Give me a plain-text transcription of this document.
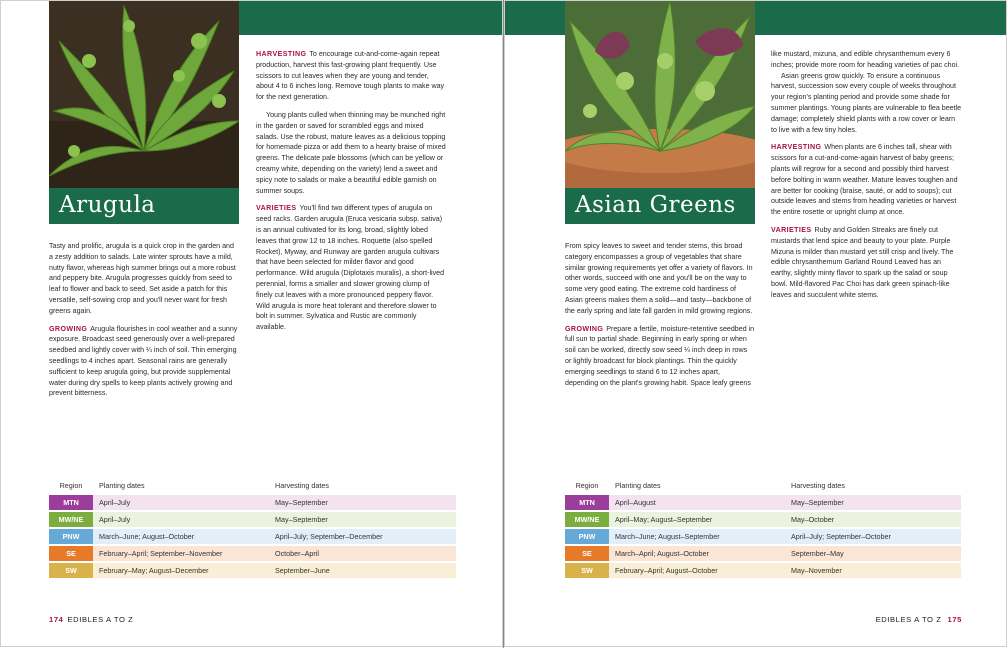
Arugula

Tasty and prolific, arugula is a quick crop in the garden and a zesty addition to salads. Late winter sprouts have a mild, nutty flavor, whereas high summer brings out a more robust and peppery bite. Arugula progresses quickly from seed to leaf to flower and back to seed. Set aside a patch for this versatile, self-sowing crop and you'll never want for fresh greens again.

GROWING Arugula flourishes in cool weather and a sunny exposure. Broadcast seed generously over a well-prepared seedbed and lightly cover with ¼ inch of soil. Thin emerging seedlings to 4 inches apart. Seasonal rains are generally sufficient to keep arugula going, but provide supplemental water during dry spells to keep plants actively growing and prevent bitterness.

HARVESTING To encourage cut-and-come-again repeat production, harvest this fast-growing plant frequently. Use scissors to cut leaves when they are young and tender, about 4 to 6 inches long. Remove tough plants to make way for the next generation.

Young plants culled when thinning may be munched right in the garden or saved for scrambled eggs and mixed salads. Use the robust, mature leaves as a delicious topping for homemade pizza or add them to a hearty braise of mixed greens. The delicate pale blossoms (which can be yellow or creamy white, depending on the variety) lend a sweet and spicy note to salads or make a beautiful edible garnish on summer soups.

VARIETIES You'll find two different types of arugula on seed racks. Garden arugula (Eruca vesicaria subsp. sativa) is an annual cultivated for its long, broad, slightly lobed leaves that grow 12 to 18 inches. Roquette (also spelled Rocket), Myway, and Runway are garden arugula cultivars that have been selected for milder flavor and good performance. Wild arugula (Diplotaxis muralis), a short-lived perennial, forms a smaller and slower growing clump of finely cut leaves with a more pronounced peppery flavor. Wild arugula is more heat tolerant and therefore slower to bolt in summer. Sylvatica and Rustic are commonly available.

Region	Planting dates	Harvesting dates
MTN	April–July	May–September
MW/NE	April–July	May–September
PNW	March–June; August–October	April–July; September–December
SE	February–April; September–November	October–April
SW	February–May; August–December	September–June
174 EDIBLES A TO Z
Asian Greens

From spicy leaves to sweet and tender stems, this broad category encompasses a group of vegetables that share similar growing requirements yet offer a variety of flavors. In other words, succeed with one and you'll be on the way to some very good eating. The extreme cold hardiness of Asian greens makes them a solid—and tasty—backbone of the early spring and late fall garden in mild growing regions.

GROWING Prepare a fertile, moisture-retentive seedbed in full sun to partial shade. Beginning in early spring or when soil can be worked, directly sow seed ¼ inch deep in rows or lightly broadcast for block plantings. Thin the quickly emerging seedlings to stand 6 to 12 inches apart, depending on the plant's growing habit. Space leafy greens

like mustard, mizuna, and edible chrysanthemum every 6 inches; provide more room for heading varieties of pac choi.

Asian greens grow quickly. To ensure a continuous harvest, succession sow every couple of weeks throughout your region's planting period and provide some shade for summer plantings. Young plants are vulnerable to flea beetle damage; completely shield plants with a row cover or learn to live with a few tiny holes.

HARVESTING When plants are 6 inches tall, shear with scissors for a cut-and-come-again harvest of baby greens; plants will regrow for a second and possibly third harvest before bolting in warm weather. Mature leaves toughen and are better for cooking (braise, sauté, or add to soups); cut outside leaves and stems from heading varieties or harvest the entire rosette or upright clump at once.

VARIETIES Ruby and Golden Streaks are finely cut mustards that lend spice and beauty to your plate. Purple Mizuna is milder than mustard yet still crisp and lively. The edible chrysanthemum Garland Round Leaved has an earthy, slightly minty flavor to spark up the salad or soup bowl. Mild-flavored Pac Choi has dark green spinach-like leaves and succulent white stems.

Region	Planting dates	Harvesting dates
MTN	April–August	May–September
MW/NE	April–May; August–September	May–October
PNW	March–June; August–September	April–July; September–October
SE	March–April; August–October	September–May
SW	February–April; August–October	May–November
EDIBLES A TO Z 175
